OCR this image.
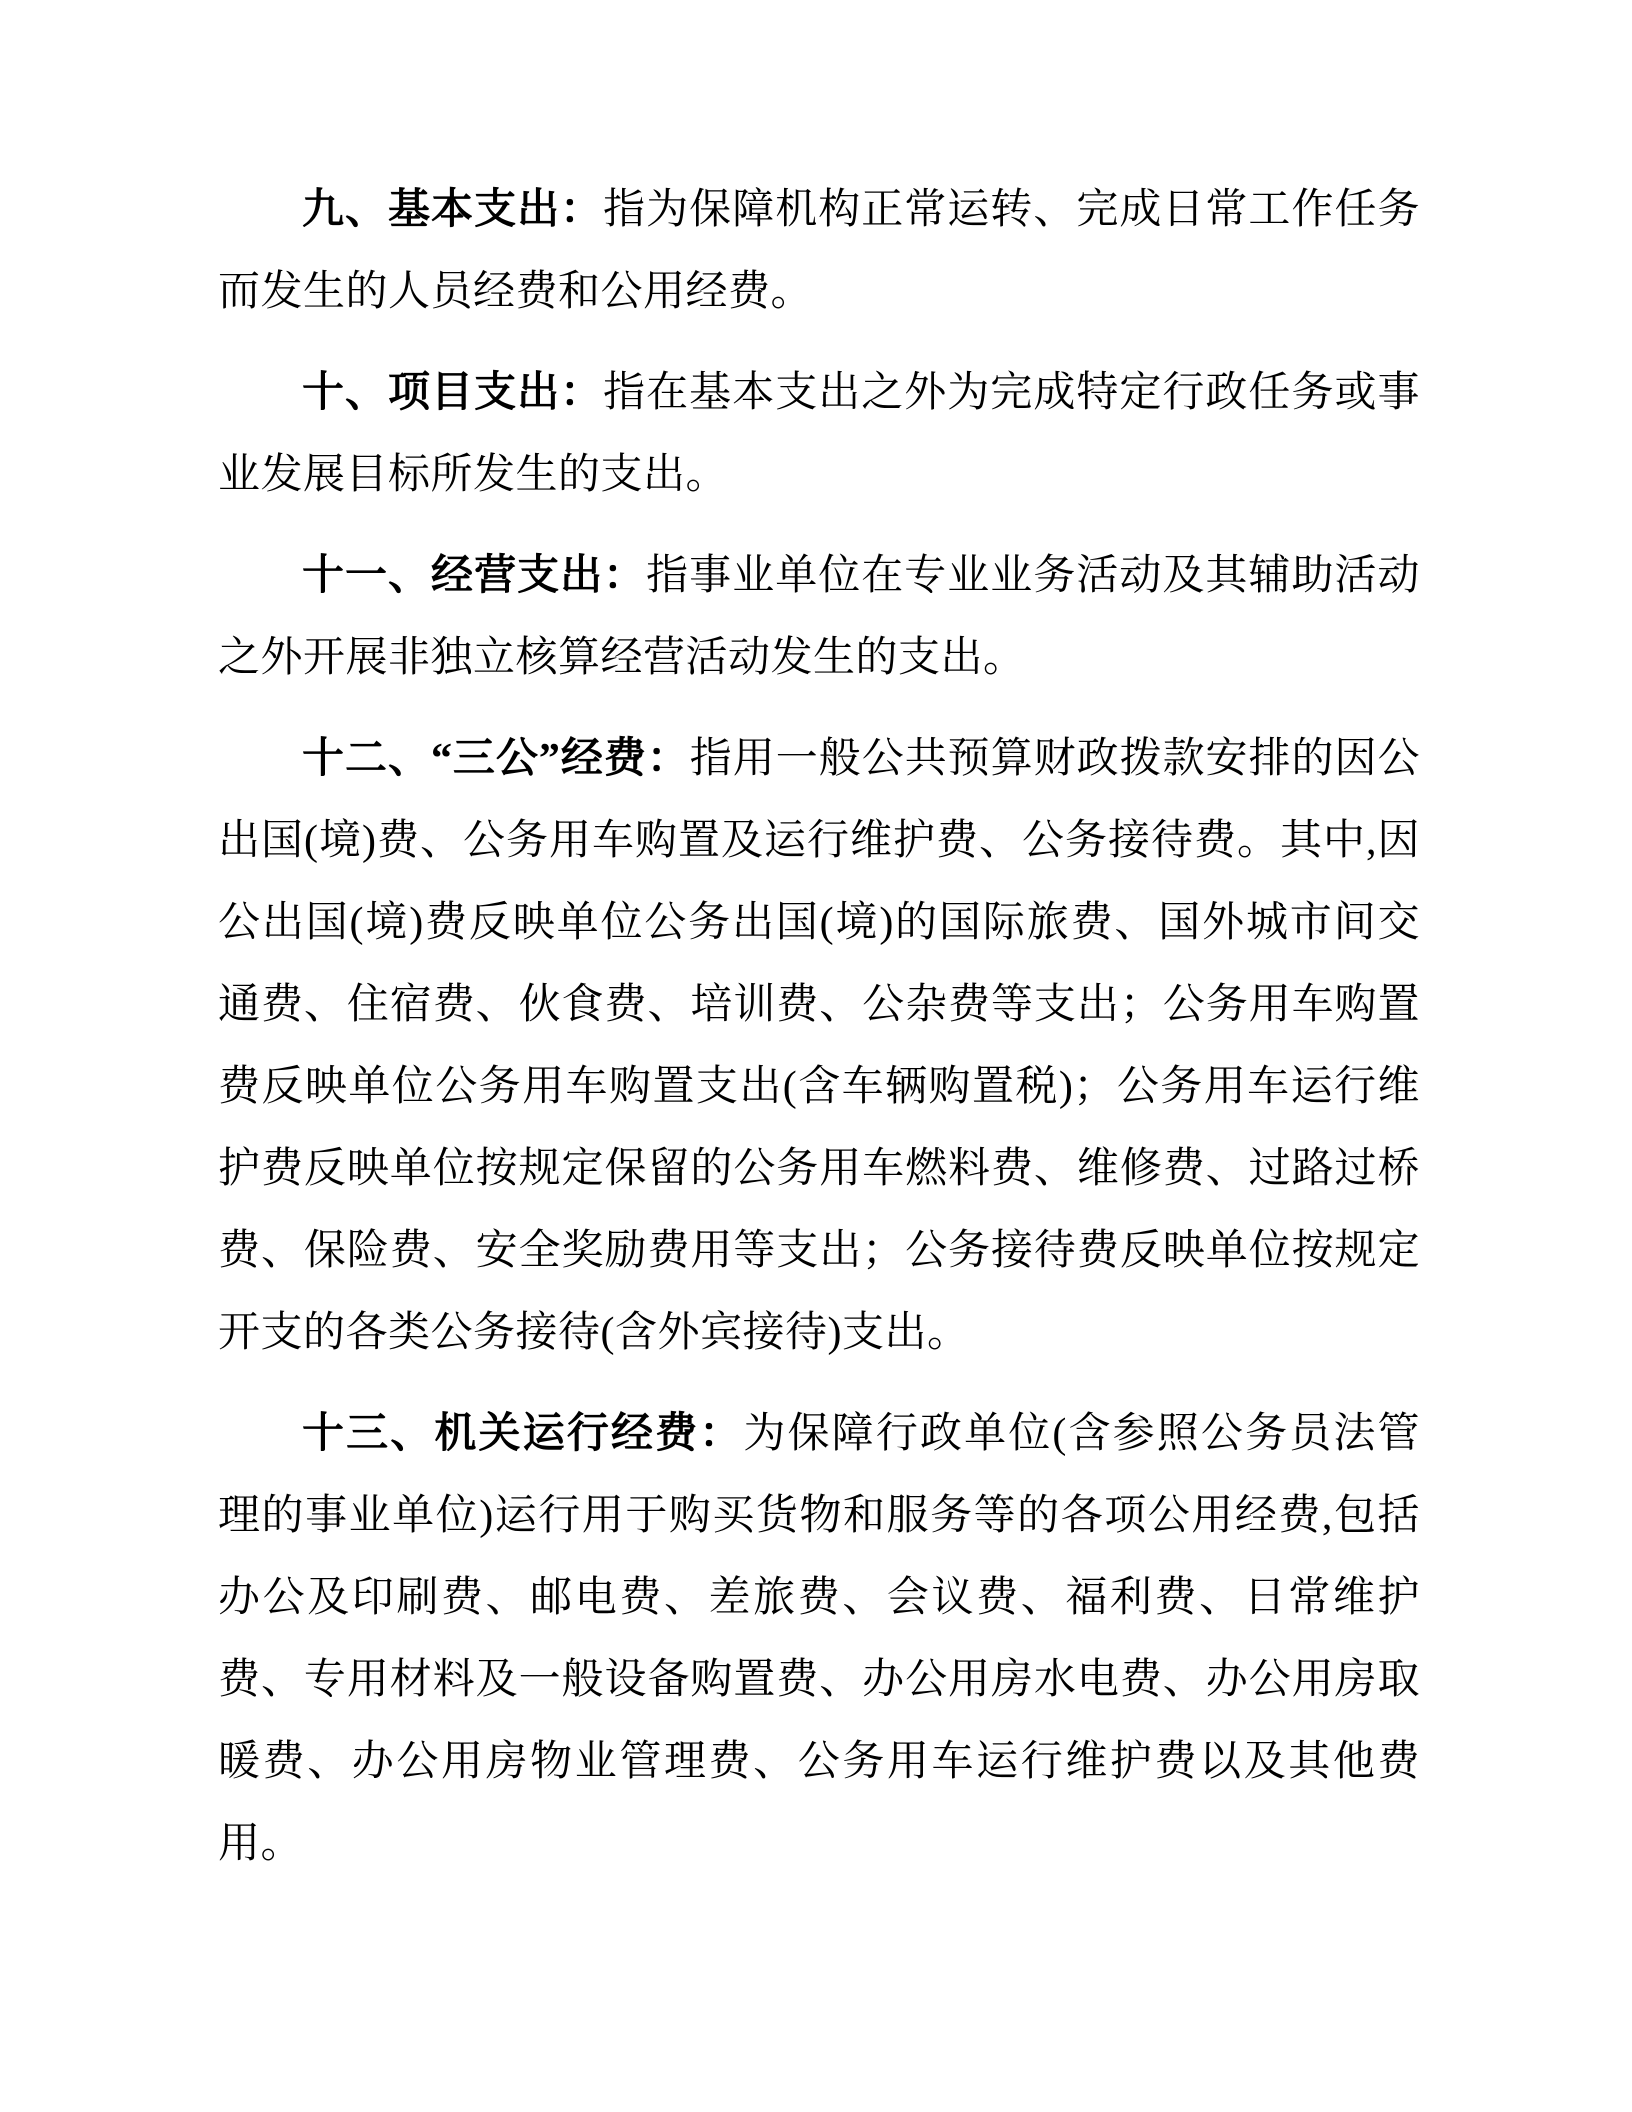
九、基本支出：指为保障机构正常运转、完成日常工作任务而发生的人员经费和公用经费。

十、项目支出：指在基本支出之外为完成特定行政任务或事业发展目标所发生的支出。

十一、经营支出：指事业单位在专业业务活动及其辅助活动之外开展非独立核算经营活动发生的支出。

十二、“三公”经费：指用一般公共预算财政拨款安排的因公出国(境)费、公务用车购置及运行维护费、公务接待费。其中,因公出国(境)费反映单位公务出国(境)的国际旅费、国外城市间交通费、住宿费、伙食费、培训费、公杂费等支出；公务用车购置费反映单位公务用车购置支出(含车辆购置税)；公务用车运行维护费反映单位按规定保留的公务用车燃料费、维修费、过路过桥费、保险费、安全奖励费用等支出；公务接待费反映单位按规定开支的各类公务接待(含外宾接待)支出。

十三、机关运行经费：为保障行政单位(含参照公务员法管理的事业单位)运行用于购买货物和服务等的各项公用经费,包括办公及印刷费、邮电费、差旅费、会议费、福利费、日常维护费、专用材料及一般设备购置费、办公用房水电费、办公用房取暖费、办公用房物业管理费、公务用车运行维护费以及其他费用。
